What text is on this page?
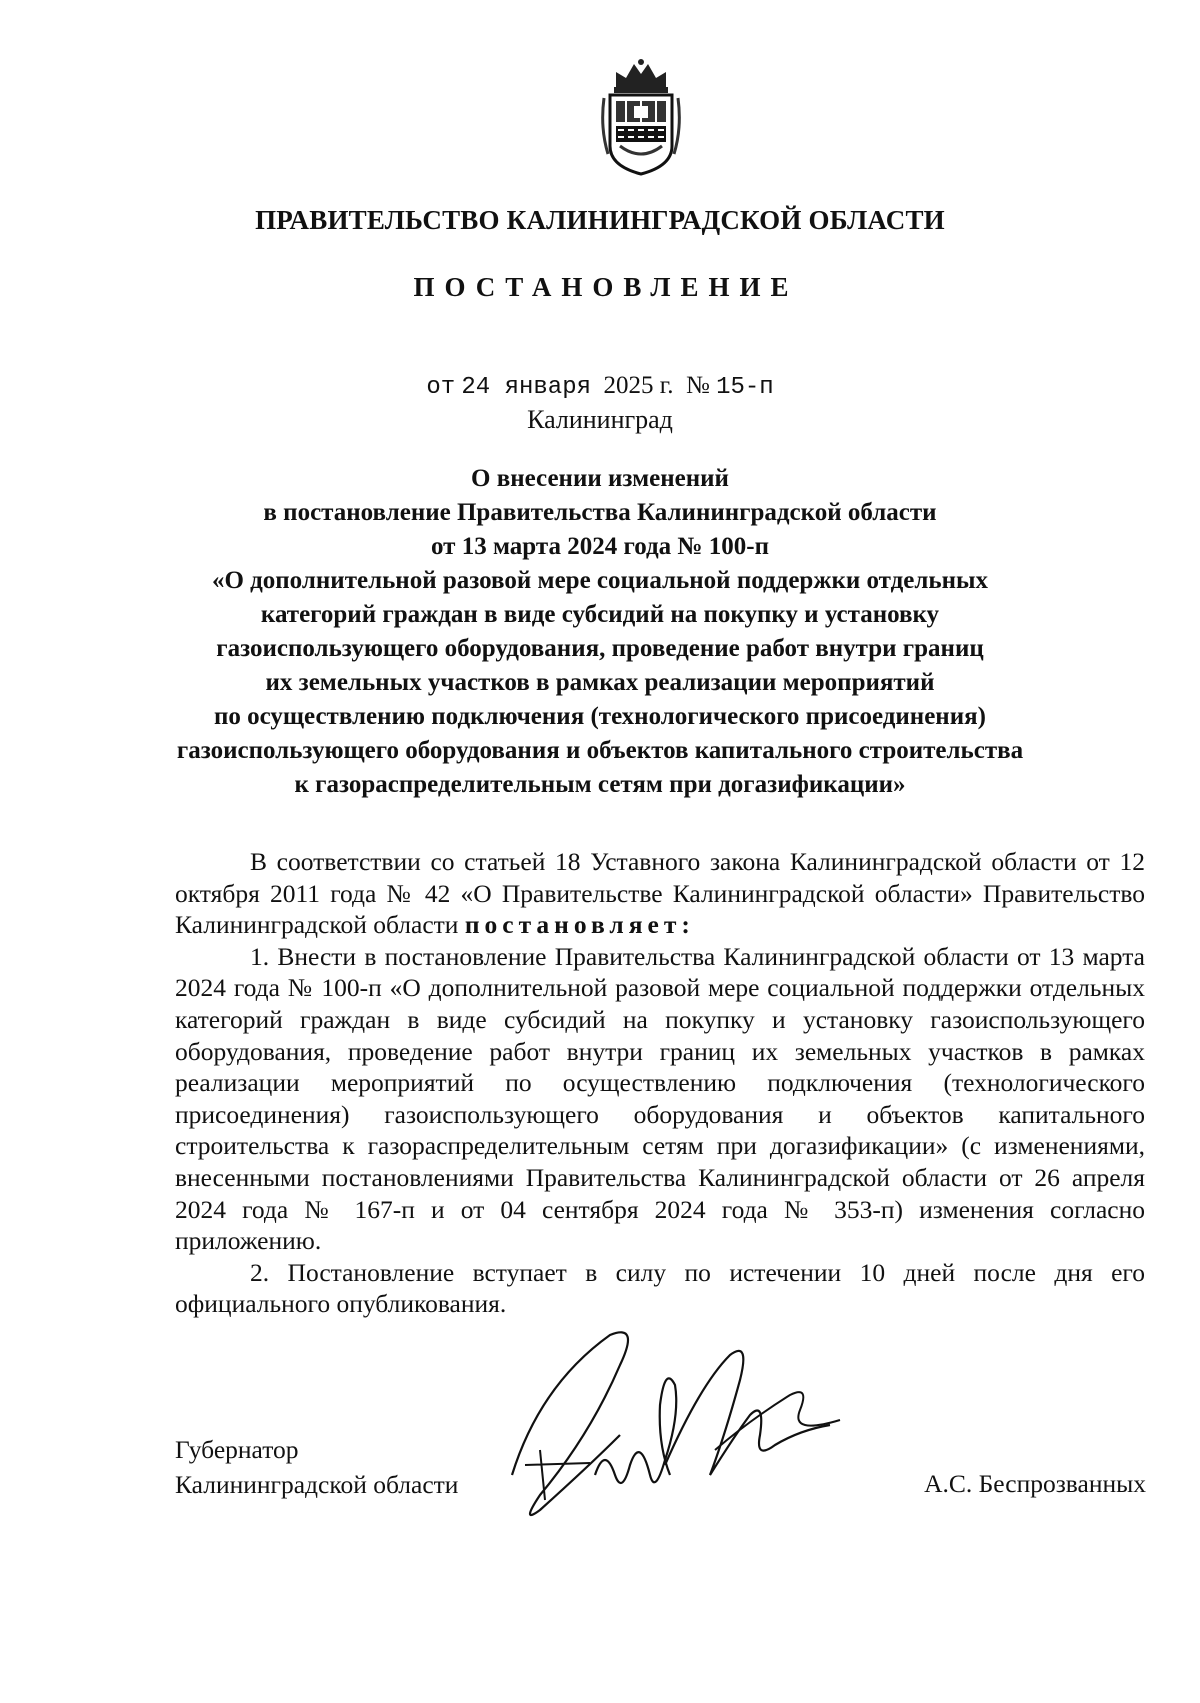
ПРАВИТЕЛЬСТВО КАЛИНИНГРАДСКОЙ ОБЛАСТИ
ПОСТАНОВЛЕНИЕ
от 24 января 2025 г. № 15-п
Калининград
О внесении изменений
в постановление Правительства Калининградской области
от 13 марта 2024 года № 100-п
«О дополнительной разовой мере социальной поддержки отдельных
категорий граждан в виде субсидий на покупку и установку
газоиспользующего оборудования, проведение работ внутри границ
их земельных участков в рамках реализации мероприятий
по осуществлению подключения (технологического присоединения)
газоиспользующего оборудования и объектов капитального строительства
к газораспределительным сетям при догазификации»

В соответствии со статьей 18 Уставного закона Калининградской области от 12 октября 2011 года № 42 «О Правительстве Калининградской области» Правительство Калининградской области постановляет:

1. Внести в постановление Правительства Калининградской области от 13 марта 2024 года № 100-п «О дополнительной разовой мере социальной поддержки отдельных категорий граждан в виде субсидий на покупку и установку газоиспользующего оборудования, проведение работ внутри границ их земельных участков в рамках реализации мероприятий по осуществлению подключения (технологического присоединения) газоиспользующего оборудования и объектов капитального строительства к газораспределительным сетям при догазификации» (с изменениями, внесенными постановлениями Правительства Калининградской области от 26 апреля 2024 года № 167-п и от 04 сентября 2024 года № 353-п) изменения согласно приложению.

2. Постановление вступает в силу по истечении 10 дней после дня его официального опубликования.

Губернатор
Калининградской области	А.С. Беспрозванных
